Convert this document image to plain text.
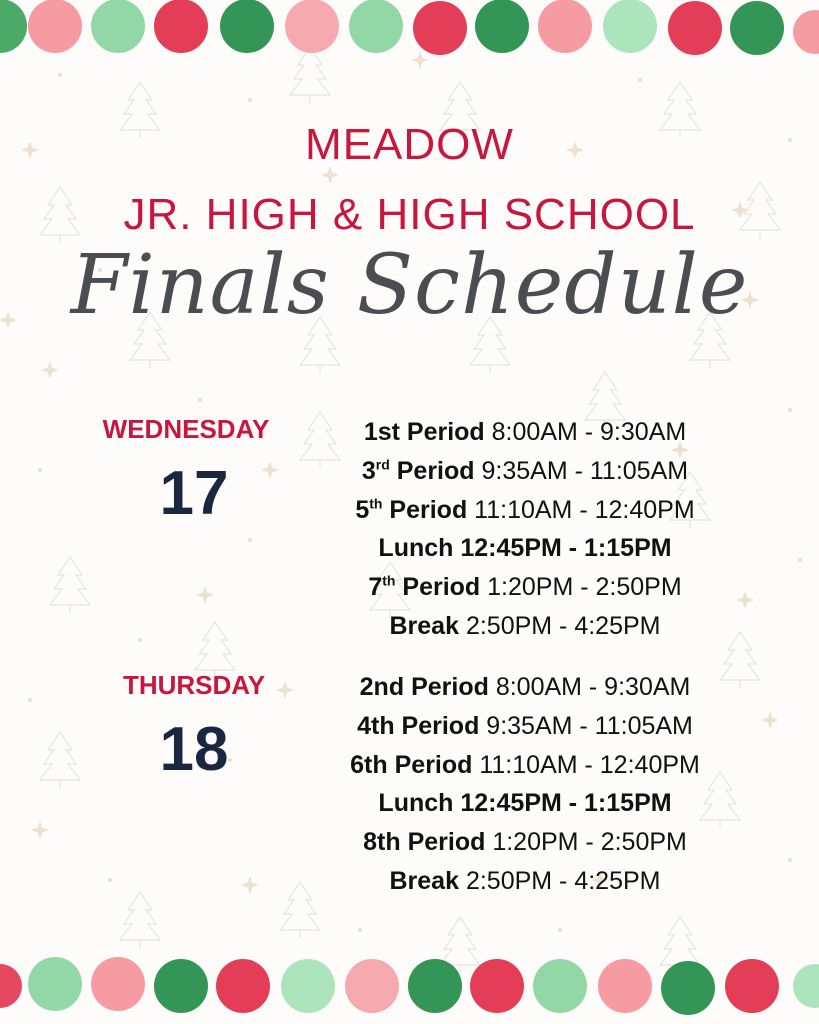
MEADOW
JR. HIGH & HIGH SCHOOL
Finals Schedule
WEDNESDAY
17
1st Period 8:00AM - 9:30AM
3rd Period 9:35AM - 11:05AM
5th Period 11:10AM - 12:40PM
Lunch 12:45PM - 1:15PM
7th Period 1:20PM - 2:50PM
Break 2:50PM - 4:25PM
THURSDAY
18
2nd Period 8:00AM - 9:30AM
4th Period 9:35AM - 11:05AM
6th Period 11:10AM - 12:40PM
Lunch 12:45PM - 1:15PM
8th Period 1:20PM - 2:50PM
Break 2:50PM - 4:25PM
